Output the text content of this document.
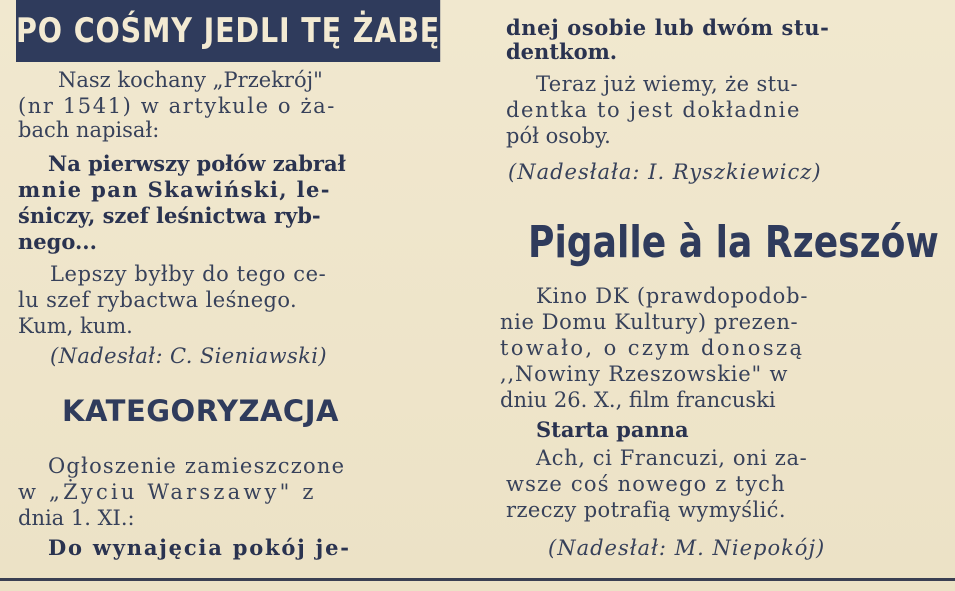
PO COŚMY JEDLI TĘ ŻABĘ
Nasz kochany „Przekrój"
(nr 1541) w artykule o ża-
bach napisał:
Na pierwszy połów zabrał
mnie pan Skawiński, le-
śniczy, szef leśnictwa ryb-
nego...
Lepszy byłby do tego ce-
lu szef rybactwa leśnego.
Kum, kum.
(Nadesłał: C. Sieniawski)
KATEGORYZACJA
Ogłoszenie zamieszczone
w „Życiu Warszawy" z
dnia 1. XI.:
Do wynajęcia pokój je-
dnej osobie lub dwóm stu-
dentkom.
Teraz już wiemy, że stu-
dentka to jest dokładnie
pół osoby.
(Nadesłała: I. Ryszkiewicz)
Pigalle à la Rzeszów
Kino DK (prawdopodob-
nie Domu Kultury) prezen-
towało, o czym donoszą
,,Nowiny Rzeszowskie" w
dniu 26. X., film francuski
Starta panna
Ach, ci Francuzi, oni za-
wsze coś nowego z tych
rzeczy potrafią wymyślić.
(Nadesłał: M. Niepokój)
